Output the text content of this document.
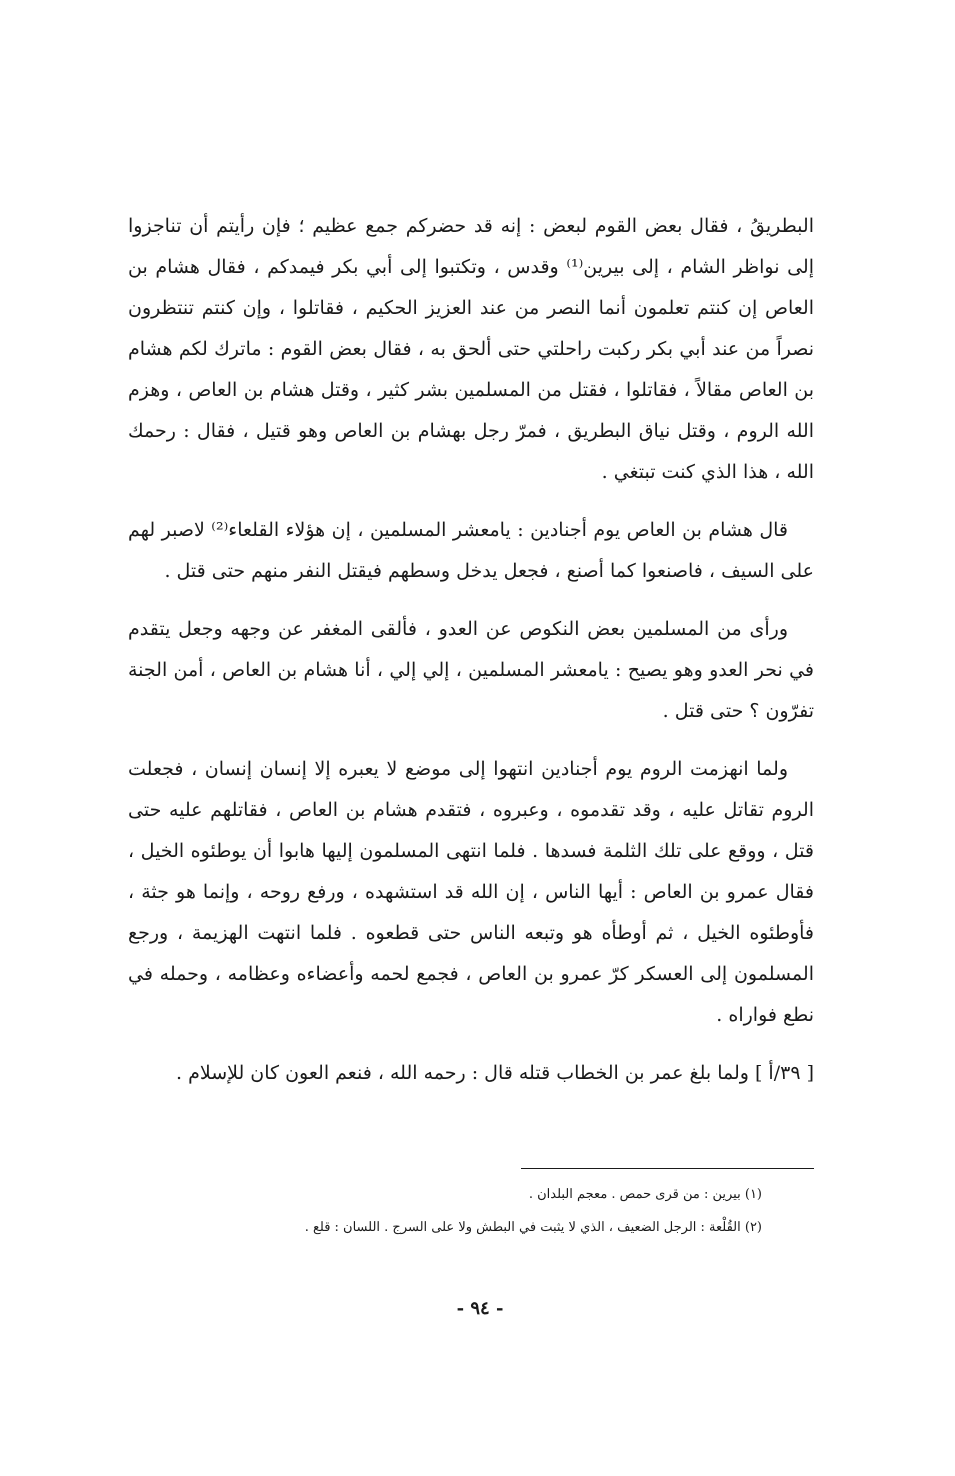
البطريقُ ، فقال بعض القوم لبعض : إنه قد حضركم جمع عظيم ؛ فإن رأيتم أن تناجزوا إلى نواظر الشام ، إلى بيرين⁽¹⁾ وقدس ، وتكتبوا إلى أبي بكر فيمدكم ، فقال هشام بن العاص إن كنتم تعلمون أنما النصر من عند العزيز الحكيم ، فقاتلوا ، وإن كنتم تنتظرون نصراً من عند أبي بكر ركبت راحلتي حتى ألحق به ، فقال بعض القوم : ماترك لكم هشام بن العاص مقالاً ، فقاتلوا ، فقتل من المسلمين بشر كثير ، وقتل هشام بن العاص ، وهزم الله الروم ، وقتل نياق البطريق ، فمرّ رجل بهشام بن العاص وهو قتيل ، فقال : رحمك الله ، هذا الذي كنت تبتغي .

قال هشام بن العاص يوم أجنادين : يامعشر المسلمين ، إن هؤلاء القلعاء⁽²⁾ لاصبر لهم على السيف ، فاصنعوا كما أصنع ، فجعل يدخل وسطهم فيقتل النفر منهم حتى قتل .

ورأى من المسلمين بعض النكوص عن العدو ، فألقى المغفر عن وجهه وجعل يتقدم في نحر العدو وهو يصيح : يامعشر المسلمين ، إلي إلي ، أنا هشام بن العاص ، أمن الجنة تفرّون ؟ حتى قتل .

ولما انهزمت الروم يوم أجنادين انتهوا إلى موضع لا يعبره إلا إنسان إنسان ، فجعلت الروم تقاتل عليه ، وقد تقدموه ، وعبروه ، فتقدم هشام بن العاص ، فقاتلهم عليه حتى قتل ، ووقع على تلك الثلمة فسدها . فلما انتهى المسلمون إليها هابوا أن يوطئوه الخيل ، فقال عمرو بن العاص : أيها الناس ، إن الله قد استشهده ، ورفع روحه ، وإنما هو جثة ، فأوطئوه الخيل ، ثم أوطأه هو وتبعه الناس حتى قطعوه . فلما انتهت الهزيمة ، ورجع المسلمون إلى العسكر كرّ عمرو بن العاص ، فجمع لحمه وأعضاءه وعظامه ، وحمله في نطع فواراه .

[ ٣٩/أ ] ولما بلغ عمر بن الخطاب قتله قال : رحمه الله ، فنعم العون كان للإسلام .

(١) بيرين : من قرى حمص . معجم البلدان .

(٢) القُلْعة : الرجل الضعيف ، الذي لا يثبت في البطش ولا على السرج . اللسان : قلع .

- ٩٤ -
